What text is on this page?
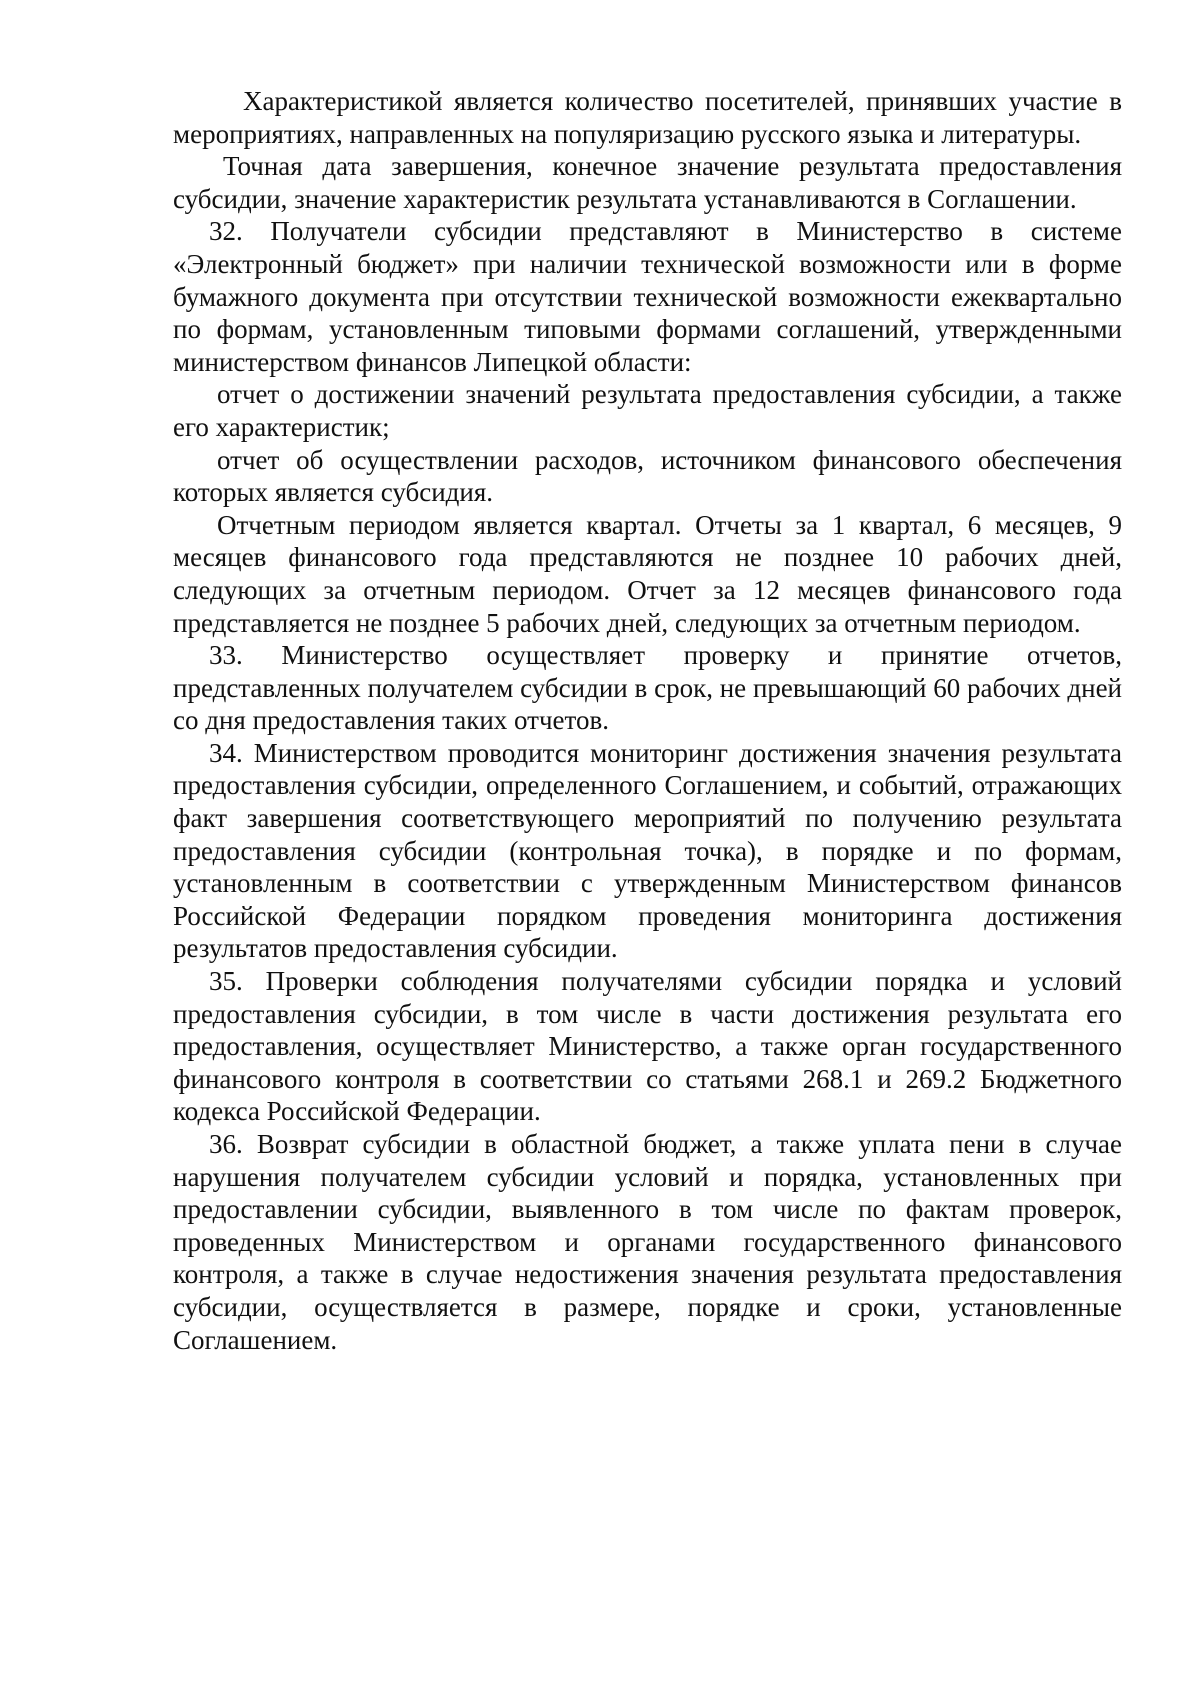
Характеристикой является количество посетителей, принявших участие в мероприятиях, направленных на популяризацию русского языка и литературы.

Точная дата завершения, конечное значение результата предоставления субсидии, значение характеристик результата устанавливаются в Соглашении.

32. Получатели субсидии представляют в Министерство в системе «Электронный бюджет» при наличии технической возможности или в форме бумажного документа при отсутствии технической возможности ежеквартально по формам, установленным типовыми формами соглашений, утвержденными министерством финансов Липецкой области:

отчет о достижении значений результата предоставления субсидии, а также его характеристик;

отчет об осуществлении расходов, источником финансового обеспечения которых является субсидия.

Отчетным периодом является квартал. Отчеты за 1 квартал, 6 месяцев, 9 месяцев финансового года представляются не позднее 10 рабочих дней, следующих за отчетным периодом. Отчет за 12 месяцев финансового года представляется не позднее 5 рабочих дней, следующих за отчетным периодом.

33. Министерство осуществляет проверку и принятие отчетов, представленных получателем субсидии в срок, не превышающий 60 рабочих дней со дня предоставления таких отчетов.

34. Министерством проводится мониторинг достижения значения результата предоставления субсидии, определенного Соглашением, и событий, отражающих факт завершения соответствующего мероприятий по получению результата предоставления субсидии (контрольная точка), в порядке и по формам, установленным в соответствии с утвержденным Министерством финансов Российской Федерации порядком проведения мониторинга достижения результатов предоставления субсидии.

35. Проверки соблюдения получателями субсидии порядка и условий предоставления субсидии, в том числе в части достижения результата его предоставления, осуществляет Министерство, а также орган государственного финансового контроля в соответствии со статьями 268.1 и 269.2 Бюджетного кодекса Российской Федерации.

36. Возврат субсидии в областной бюджет, а также уплата пени в случае нарушения получателем субсидии условий и порядка, установленных при предоставлении субсидии, выявленного в том числе по фактам проверок, проведенных Министерством и органами государственного финансового контроля, а также в случае недостижения значения результата предоставления субсидии, осуществляется в размере, порядке и сроки, установленные Соглашением.
